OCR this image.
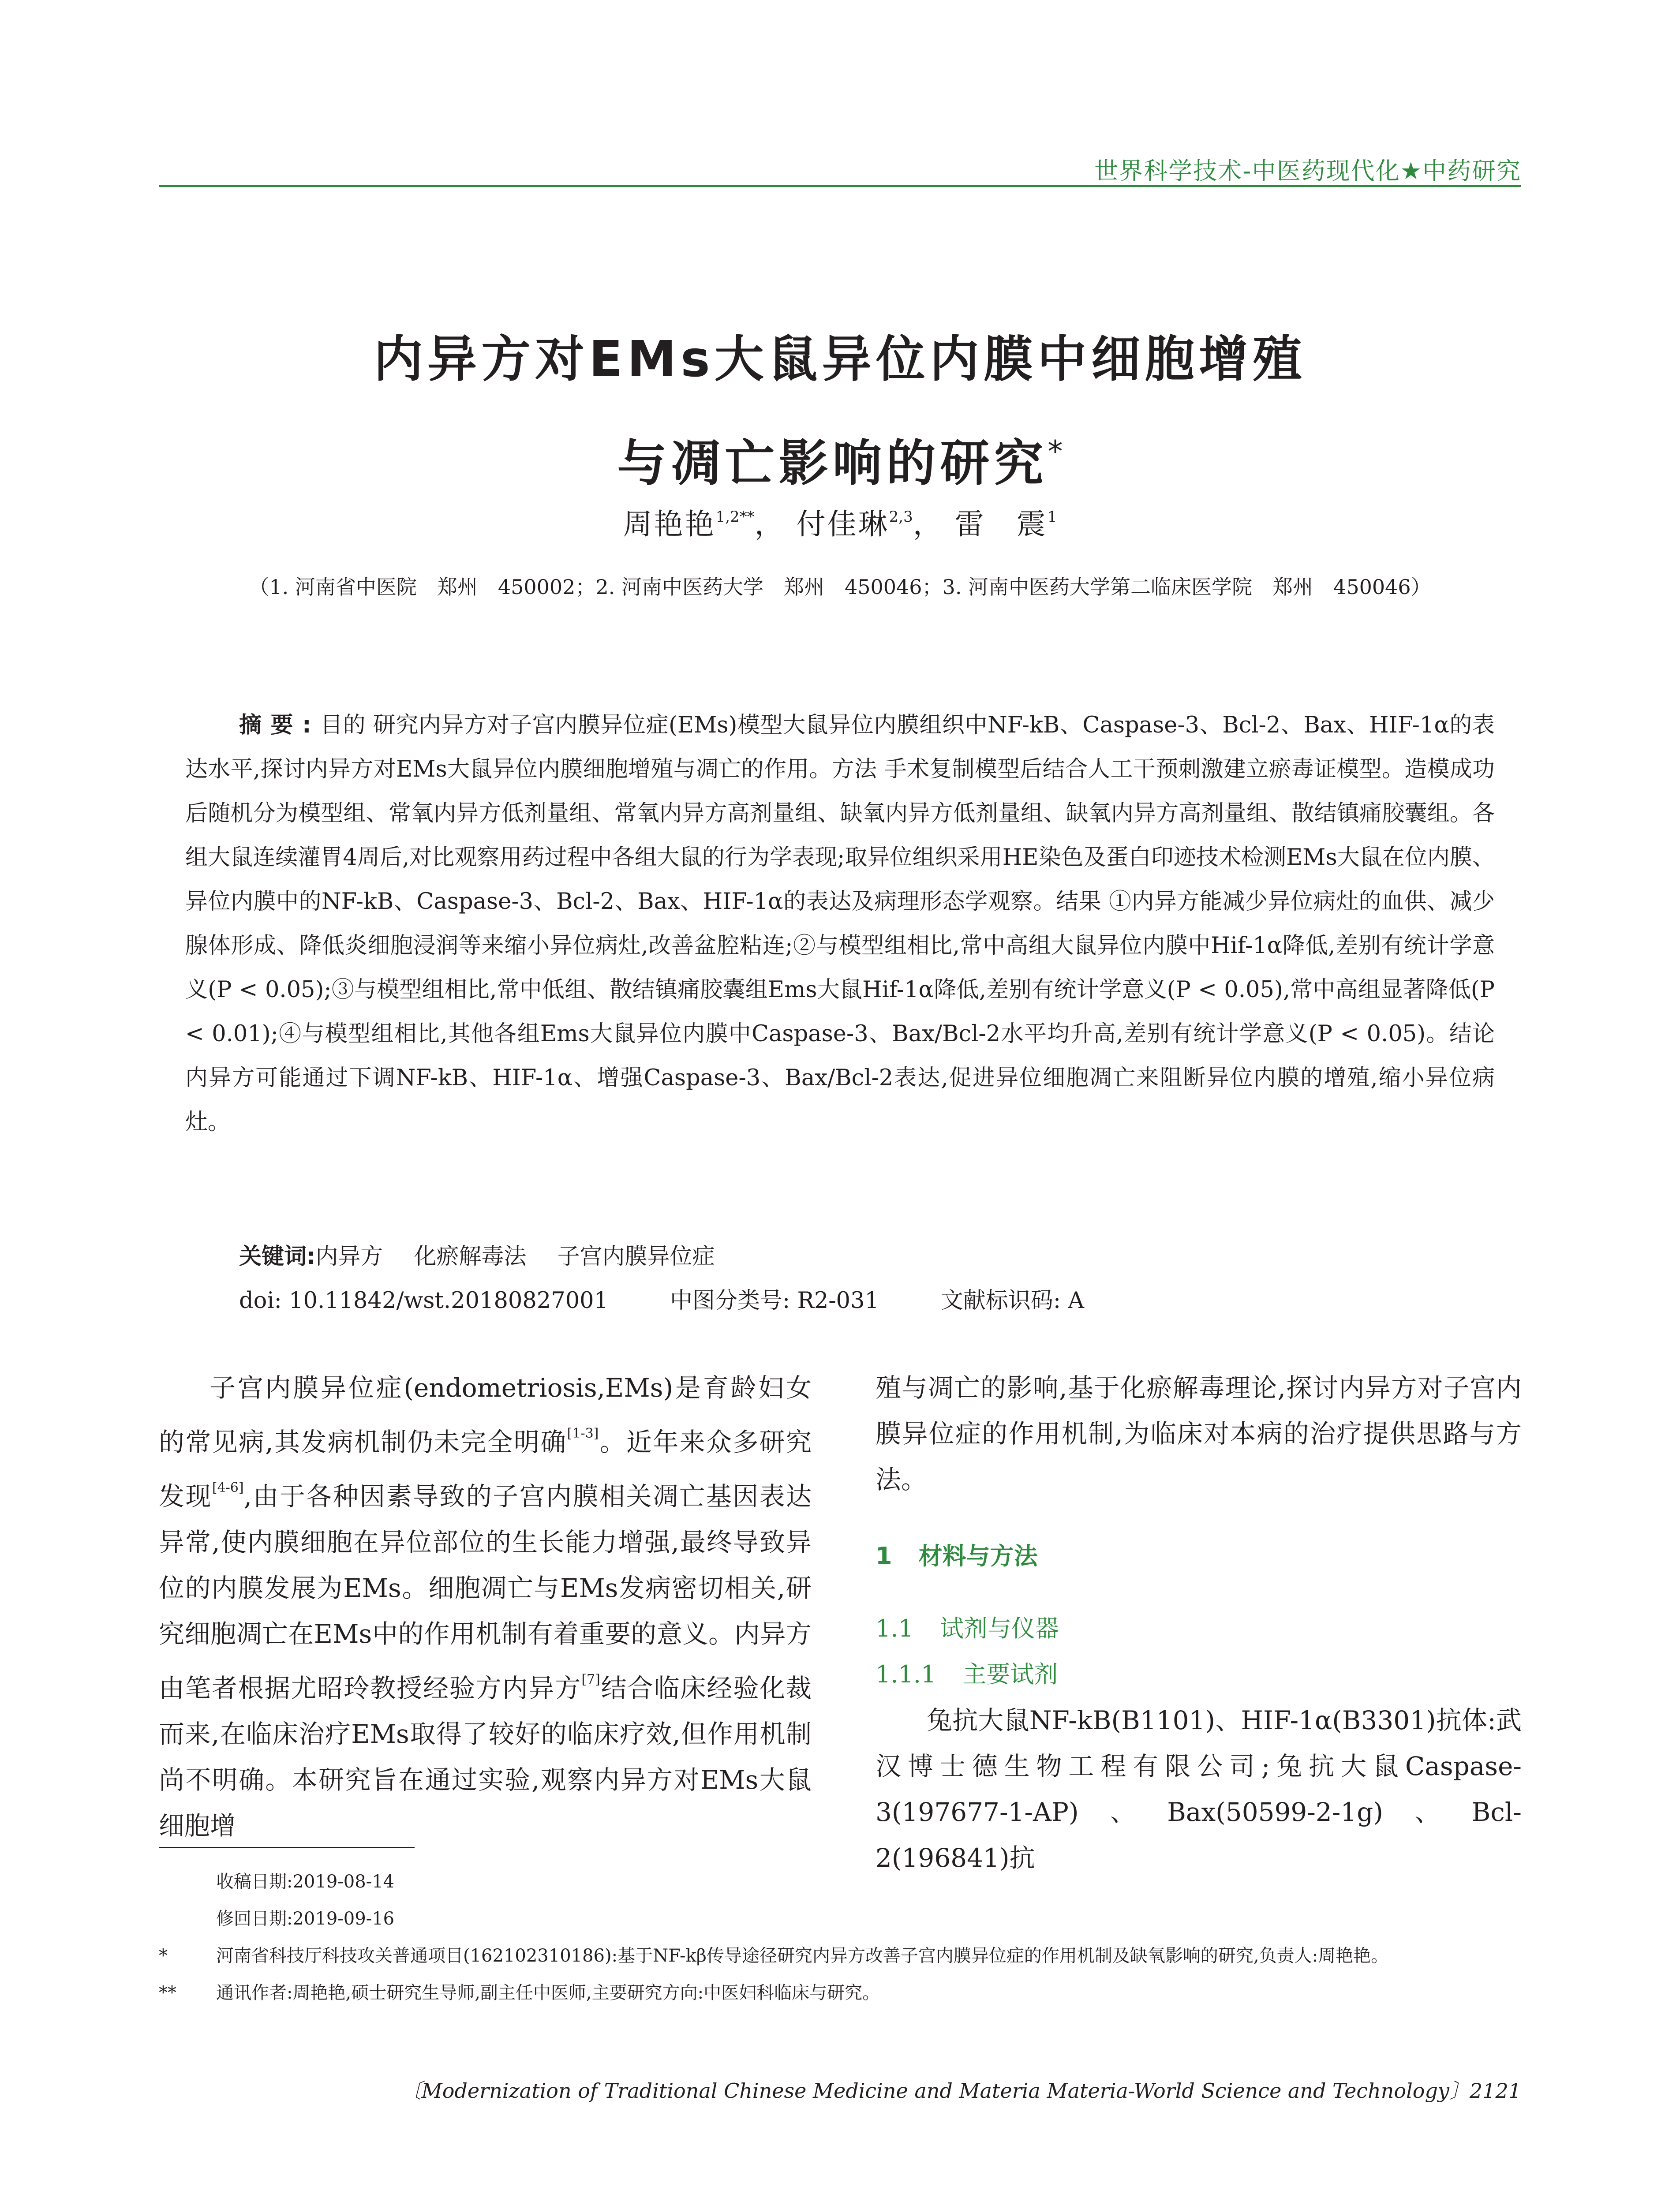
世界科学技术-中医药现代化★中药研究
内异方对EMs大鼠异位内膜中细胞增殖
与凋亡影响的研究*
周艳艳$^{1,2**}$， 付佳琳$^{2,3}$， 雷　震$^1$
（1. 河南省中医院　郑州　450002；2. 河南中医药大学　郑州　450046；3. 河南中医药大学第二临床医学院　郑州　450046）
摘要:目的 研究内异方对子宫内膜异位症(EMs)模型大鼠异位内膜组织中NF-kB、Caspase-3、Bcl-2、Bax、HIF-1α的表达水平,探讨内异方对EMs大鼠异位内膜细胞增殖与凋亡的作用。方法 手术复制模型后结合人工干预刺激建立瘀毒证模型。造模成功后随机分为模型组、常氧内异方低剂量组、常氧内异方高剂量组、缺氧内异方低剂量组、缺氧内异方高剂量组、散结镇痛胶囊组。各组大鼠连续灌胃4周后,对比观察用药过程中各组大鼠的行为学表现;取异位组织采用HE染色及蛋白印迹技术检测EMs大鼠在位内膜、异位内膜中的NF-kB、Caspase-3、Bcl-2、Bax、HIF-1α的表达及病理形态学观察。结果 ①内异方能减少异位病灶的血供、减少腺体形成、降低炎细胞浸润等来缩小异位病灶,改善盆腔粘连;②与模型组相比,常中高组大鼠异位内膜中Hif-1α降低,差别有统计学意义(P < 0.05);③与模型组相比,常中低组、散结镇痛胶囊组Ems大鼠Hif-1α降低,差别有统计学意义(P < 0.05),常中高组显著降低(P < 0.01);④与模型组相比,其他各组Ems大鼠异位内膜中Caspase-3、Bax/Bcl-2水平均升高,差别有统计学意义(P < 0.05)。结论 内异方可能通过下调NF-kB、HIF-1α、增强Caspase-3、Bax/Bcl-2表达,促进异位细胞凋亡来阻断异位内膜的增殖,缩小异位病灶。
关键词:内异方 化瘀解毒法 子宫内膜异位症
doi: 10.11842/wst.20180827001	中图分类号: R2-031	文献标识码: A

子宫内膜异位症(endometriosis,EMs)是育龄妇女的常见病,其发病机制仍未完全明确[1-3]。近年来众多研究发现[4-6],由于各种因素导致的子宫内膜相关凋亡基因表达异常,使内膜细胞在异位部位的生长能力增强,最终导致异位的内膜发展为EMs。细胞凋亡与EMs发病密切相关,研究细胞凋亡在EMs中的作用机制有着重要的意义。内异方由笔者根据尤昭玲教授经验方内异方[7]结合临床经验化裁而来,在临床治疗EMs取得了较好的临床疗效,但作用机制尚不明确。本研究旨在通过实验,观察内异方对EMs大鼠细胞增

殖与凋亡的影响,基于化瘀解毒理论,探讨内异方对子宫内膜异位症的作用机制,为临床对本病的治疗提供思路与方法。

1 材料与方法
1.1 试剂与仪器
1.1.1 主要试剂

兔抗大鼠NF-kB(B1101)、HIF-1α(B3301)抗体:武汉博士德生物工程有限公司;兔抗大鼠Caspase-3(197677-1-AP)、Bax(50599-2-1g)、Bcl-2(196841)抗

收稿日期:2019-08-14
修回日期:2019-09-16
*	河南省科技厅科技攻关普通项目(162102310186):基于NF-kβ传导途径研究内异方改善子宫内膜异位症的作用机制及缺氧影响的研究,负责人:周艳艳。
**	通讯作者:周艳艳,硕士研究生导师,副主任中医师,主要研究方向:中医妇科临床与研究。
〔Modernization of Traditional Chinese Medicine and Materia Materia-World Science and Technology〕2121
